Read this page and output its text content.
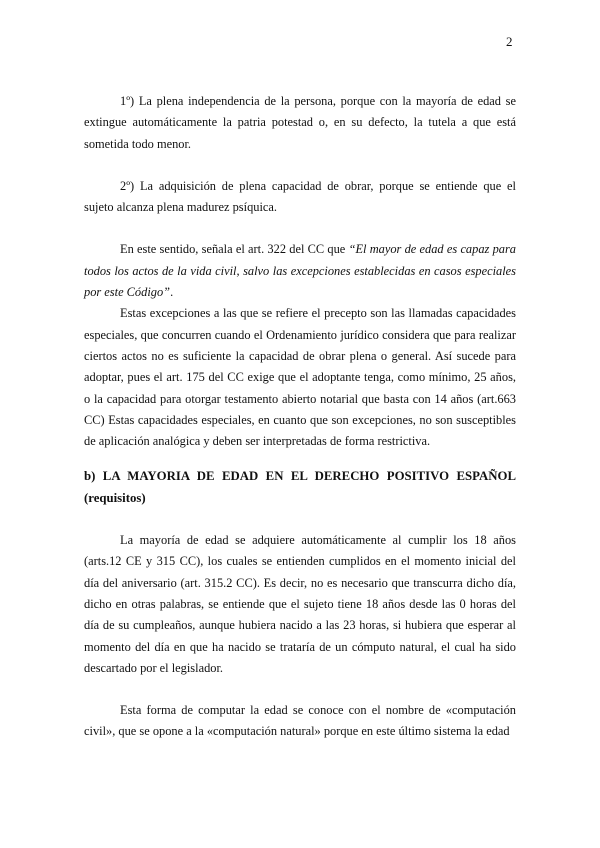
2

1º) La plena independencia de la persona, porque con la mayoría de edad se extingue automáticamente la patria potestad o, en su defecto, la tutela a que está sometida todo menor.

2º) La adquisición de plena capacidad de obrar, porque se entiende que el sujeto alcanza plena madurez psíquica.

En este sentido, señala el art. 322 del CC que “El mayor de edad es capaz para todos los actos de la vida civil, salvo las excepciones establecidas en casos especiales por este Código”.

Estas excepciones a las que se refiere el precepto son las llamadas capacidades especiales, que concurren cuando el Ordenamiento jurídico considera que para realizar ciertos actos no es suficiente la capacidad de obrar plena o general. Así sucede para adoptar, pues el art. 175 del CC exige que el adoptante tenga, como mínimo, 25 años, o la capacidad para otorgar testamento abierto notarial que basta con 14 años (art.663 CC) Estas capacidades especiales, en cuanto que son excepciones, no son susceptibles de aplicación analógica y deben ser interpretadas de forma restrictiva.

b) LA MAYORIA DE EDAD EN EL DERECHO POSITIVO ESPAÑOL (requisitos)

La mayoría de edad se adquiere automáticamente al cumplir los 18 años (arts.12 CE y 315 CC), los cuales se entienden cumplidos en el momento inicial del día del aniversario (art. 315.2 CC). Es decir, no es necesario que transcurra dicho día, dicho en otras palabras, se entiende que el sujeto tiene 18 años desde las 0 horas del día de su cumpleaños, aunque hubiera nacido a las 23 horas, si hubiera que esperar al momento del día en que ha nacido se trataría de un cómputo natural, el cual ha sido descartado por el legislador.

Esta forma de computar la edad se conoce con el nombre de «computación civil», que se opone a la «computación natural» porque en este último sistema la edad
